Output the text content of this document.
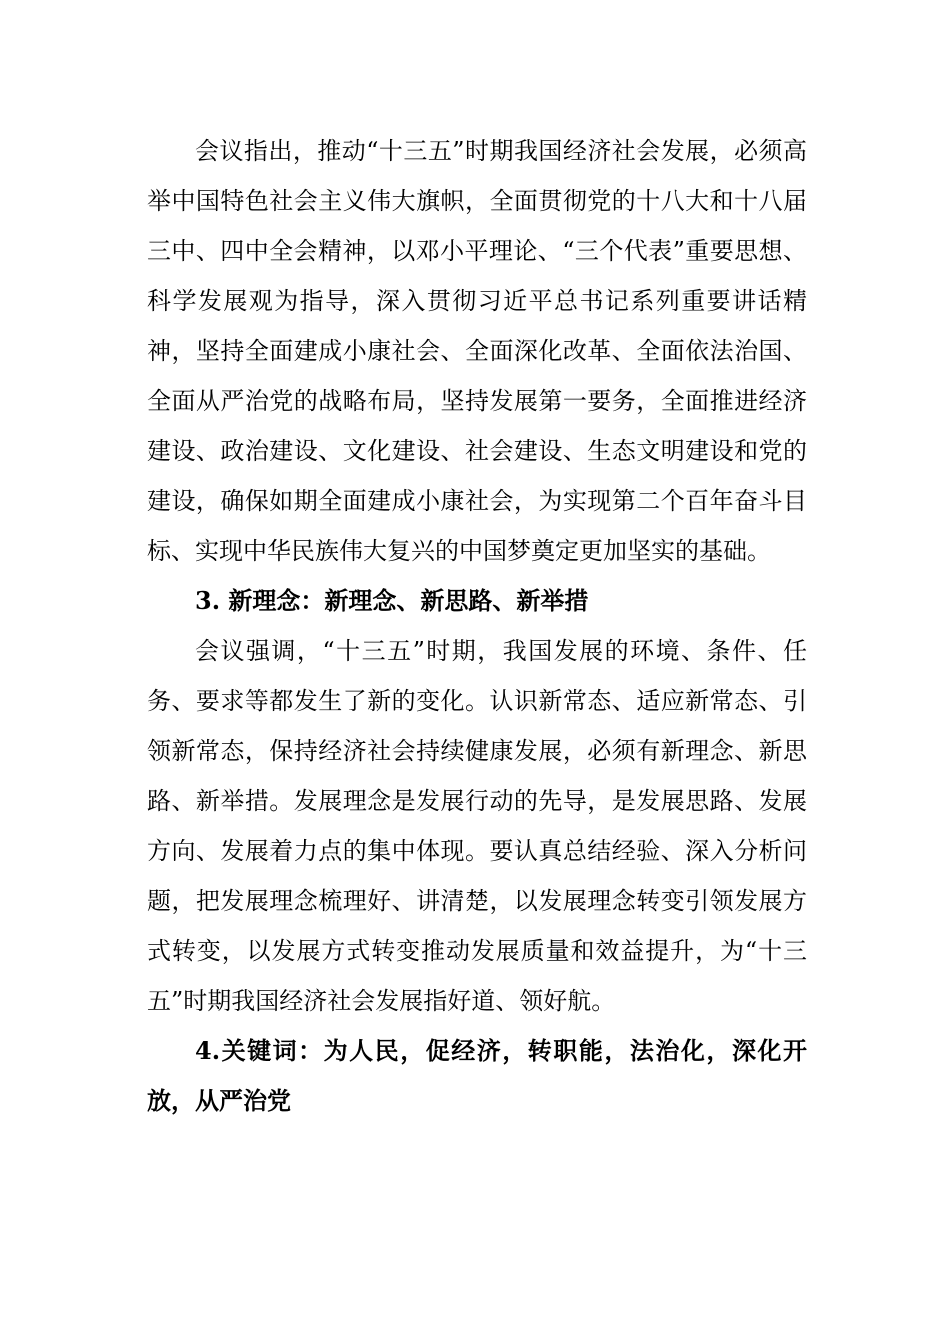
会议指出，推动“十三五”时期我国经济社会发展，必须高举中国特色社会主义伟大旗帜，全面贯彻党的十八大和十八届三中、四中全会精神，以邓小平理论、“三个代表”重要思想、科学发展观为指导，深入贯彻习近平总书记系列重要讲话精神，坚持全面建成小康社会、全面深化改革、全面依法治国、全面从严治党的战略布局，坚持发展第一要务，全面推进经济建设、政治建设、文化建设、社会建设、生态文明建设和党的建设，确保如期全面建成小康社会，为实现第二个百年奋斗目标、实现中华民族伟大复兴的中国梦奠定更加坚实的基础。

3. 新理念：新理念、新思路、新举措

会议强调，“十三五”时期，我国发展的环境、条件、任务、要求等都发生了新的变化。认识新常态、适应新常态、引领新常态，保持经济社会持续健康发展，必须有新理念、新思路、新举措。发展理念是发展行动的先导，是发展思路、发展方向、发展着力点的集中体现。要认真总结经验、深入分析问题，把发展理念梳理好、讲清楚，以发展理念转变引领发展方式转变，以发展方式转变推动发展质量和效益提升，为“十三五”时期我国经济社会发展指好道、领好航。

4.关键词：为人民，促经济，转职能，法治化，深化开放，从严治党
